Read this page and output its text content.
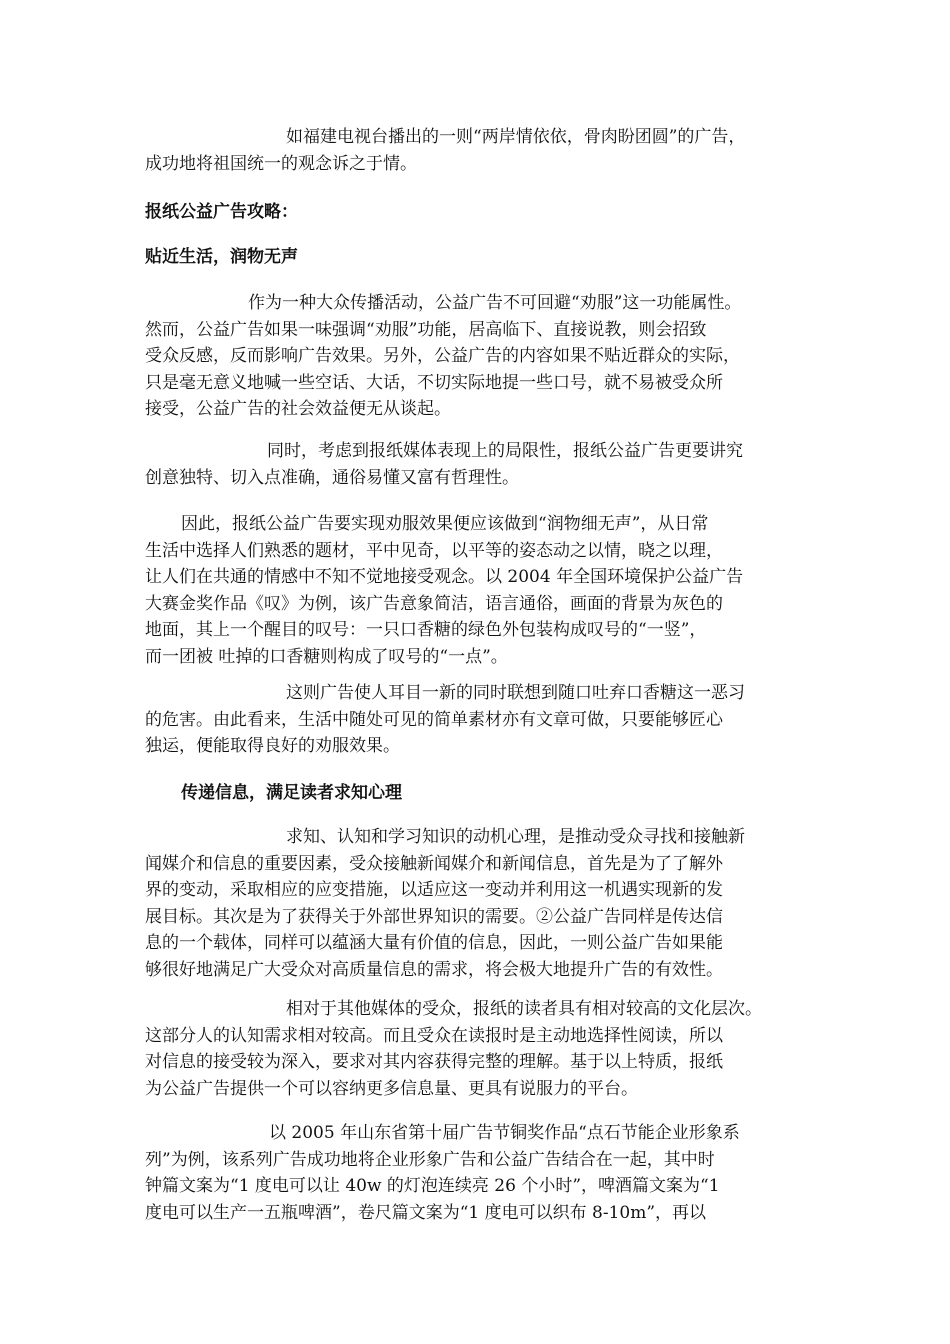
如福建电视台播出的一则“两岸情依依，骨肉盼团圆”的广告，
成功地将祖国统一的观念诉之于情。
报纸公益广告攻略：
贴近生活，润物无声
作为一种大众传播活动，公益广告不可回避“劝服”这一功能属性。
然而，公益广告如果一味强调“劝服”功能，居高临下、直接说教，则会招致
受众反感，反而影响广告效果。另外，公益广告的内容如果不贴近群众的实际，
只是毫无意义地喊一些空话、大话，不切实际地提一些口号，就不易被受众所
接受，公益广告的社会效益便无从谈起。
同时，考虑到报纸媒体表现上的局限性，报纸公益广告更要讲究
创意独特、切入点准确，通俗易懂又富有哲理性。
因此，报纸公益广告要实现劝服效果便应该做到“润物细无声”，从日常
生活中选择人们熟悉的题材，平中见奇，以平等的姿态动之以情，晓之以理，
让人们在共通的情感中不知不觉地接受观念。以 2004 年全国环境保护公益广告
大赛金奖作品《叹》为例，该广告意象简洁，语言通俗，画面的背景为灰色的
地面，其上一个醒目的叹号：一只口香糖的绿色外包装构成叹号的“一竖”，
而一团被 吐掉的口香糖则构成了叹号的“一点”。
这则广告使人耳目一新的同时联想到随口吐弃口香糖这一恶习
的危害。由此看来，生活中随处可见的简单素材亦有文章可做，只要能够匠心
独运，便能取得良好的劝服效果。
传递信息，满足读者求知心理
求知、认知和学习知识的动机心理，是推动受众寻找和接触新
闻媒介和信息的重要因素，受众接触新闻媒介和新闻信息，首先是为了了解外
界的变动，采取相应的应变措施，以适应这一变动并利用这一机遇实现新的发
展目标。其次是为了获得关于外部世界知识的需要。②公益广告同样是传达信
息的一个载体，同样可以蕴涵大量有价值的信息，因此，一则公益广告如果能
够很好地满足广大受众对高质量信息的需求，将会极大地提升广告的有效性。
相对于其他媒体的受众，报纸的读者具有相对较高的文化层次。
这部分人的认知需求相对较高。而且受众在读报时是主动地选择性阅读，所以
对信息的接受较为深入，要求对其内容获得完整的理解。基于以上特质，报纸
为公益广告提供一个可以容纳更多信息量、更具有说服力的平台。
以 2005 年山东省第十届广告节铜奖作品“点石节能企业形象系
列”为例，该系列广告成功地将企业形象广告和公益广告结合在一起，其中时
钟篇文案为“1 度电可以让 40w 的灯泡连续亮 26 个小时”，啤酒篇文案为“1
度电可以生产一五瓶啤酒”，卷尺篇文案为“1 度电可以织布 8-10m”，再以
